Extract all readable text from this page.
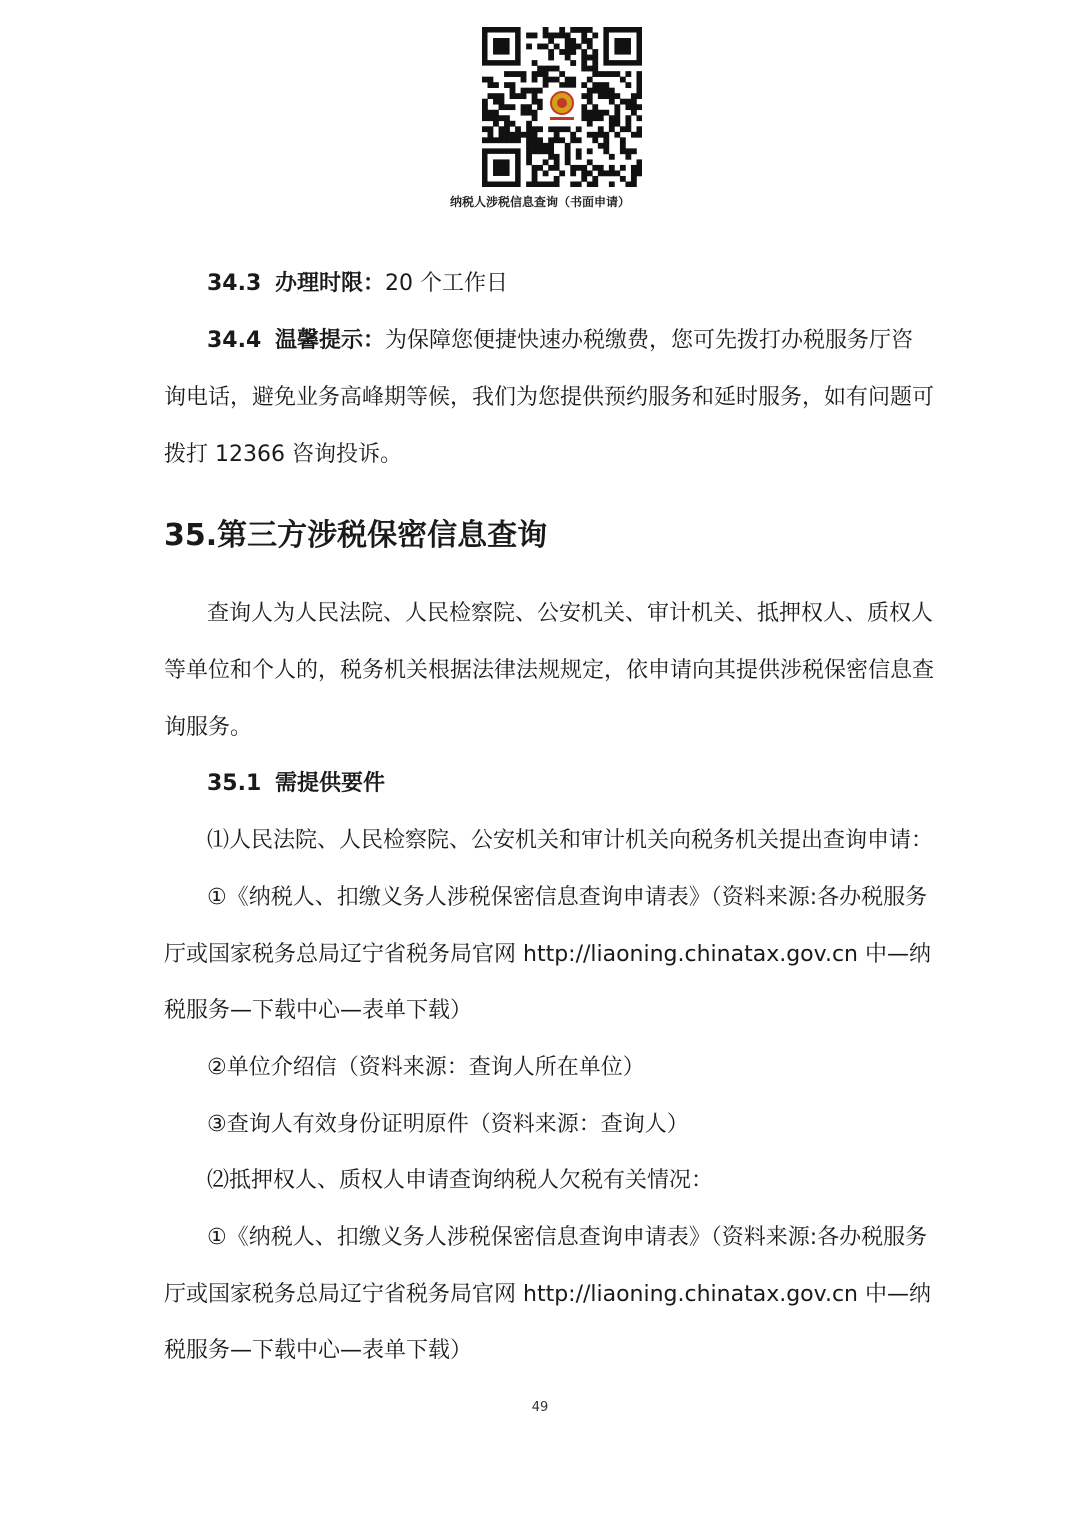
纳税人涉税信息查询（书面申请）
34.3 办理时限：20 个工作日
34.4 温馨提示：为保障您便捷快速办税缴费，您可先拨打办税服务厅咨
询电话，避免业务高峰期等候，我们为您提供预约服务和延时服务，如有问题可
拨打 12366 咨询投诉。
35.第三方涉税保密信息查询
查询人为人民法院、人民检察院、公安机关、审计机关、抵押权人、质权人
等单位和个人的，税务机关根据法律法规规定，依申请向其提供涉税保密信息查
询服务。
35.1 需提供要件
⑴人民法院、人民检察院、公安机关和审计机关向税务机关提出查询申请：
①《纳税人、扣缴义务人涉税保密信息查询申请表》（资料来源:各办税服务
厅或国家税务总局辽宁省税务局官网 http://liaoning.chinatax.gov.cn 中—纳
税服务—下载中心—表单下载）
②单位介绍信（资料来源：查询人所在单位）
③查询人有效身份证明原件（资料来源：查询人）
⑵抵押权人、质权人申请查询纳税人欠税有关情况：
①《纳税人、扣缴义务人涉税保密信息查询申请表》（资料来源:各办税服务
厅或国家税务总局辽宁省税务局官网 http://liaoning.chinatax.gov.cn 中—纳
税服务—下载中心—表单下载）
49
